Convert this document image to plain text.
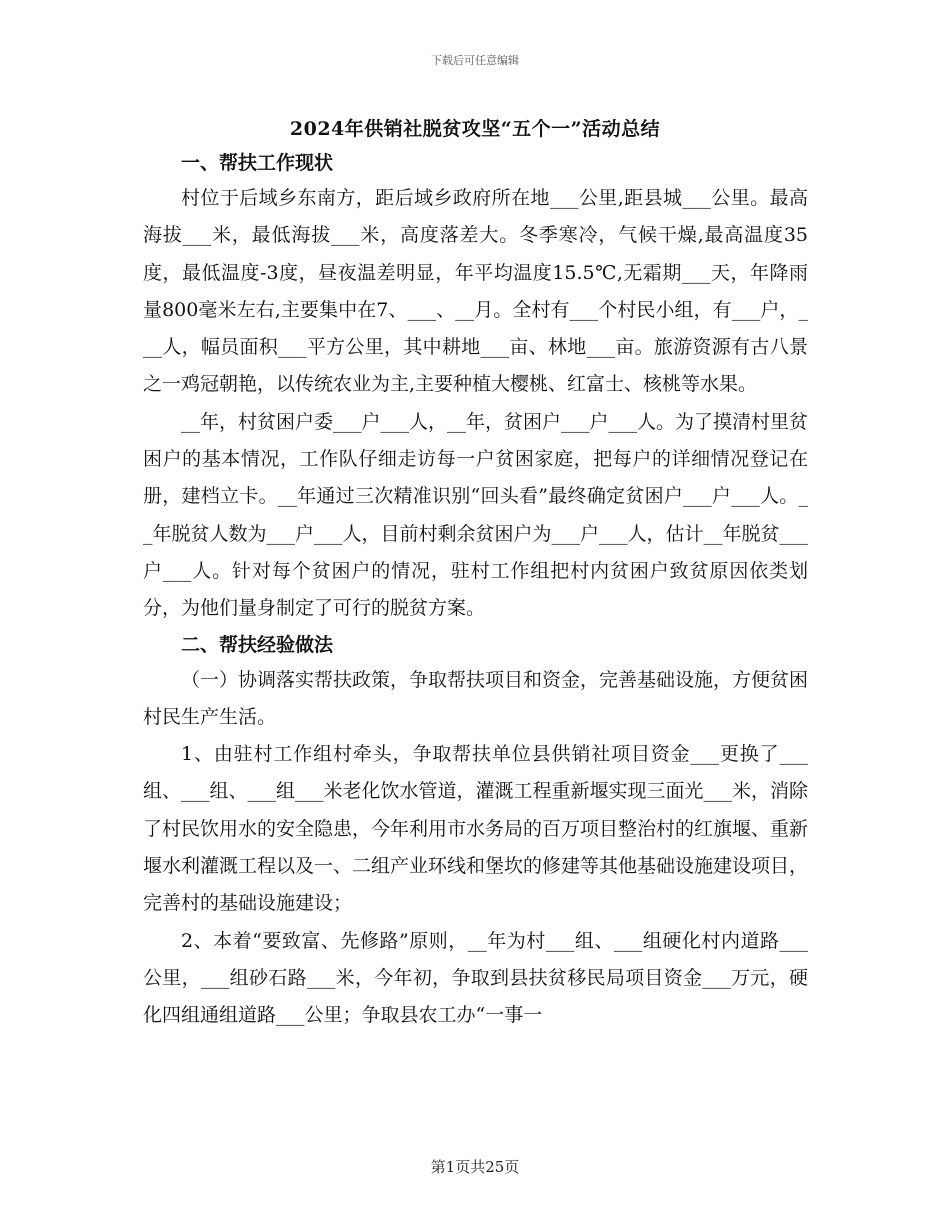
下载后可任意编辑
2024年供销社脱贫攻坚“五个一”活动总结

一、帮扶工作现状

村位于后域乡东南方，距后域乡政府所在地___公里,距县城___公里。最高海拔___米，最低海拔___米，高度落差大。冬季寒冷，气候干燥,最高温度35度，最低温度-3度，昼夜温差明显，年平均温度15.5℃,无霜期___天，年降雨量800毫米左右,主要集中在7、___、__月。全村有___个村民小组，有___户，___人，幅员面积___平方公里，其中耕地___亩、林地___亩。旅游资源有古八景之一鸡冠朝艳，以传统农业为主,主要种植大樱桃、红富士、核桃等水果。

__年，村贫困户委___户___人，__年，贫困户___户___人。为了摸清村里贫困户的基本情况，工作队仔细走访每一户贫困家庭，把每户的详细情况登记在册，建档立卡。__年通过三次精准识别“回头看”最终确定贫困户___户___人。__年脱贫人数为___户___人，目前村剩余贫困户为___户___人，估计__年脱贫___户___人。针对每个贫困户的情况，驻村工作组把村内贫困户致贫原因依类划分，为他们量身制定了可行的脱贫方案。

二、帮扶经验做法

（一）协调落实帮扶政策，争取帮扶项目和资金，完善基础设施，方便贫困村民生产生活。

1、由驻村工作组村牵头，争取帮扶单位县供销社项目资金___更换了___组、___组、___组___米老化饮水管道，灌溉工程重新堰实现三面光___米，消除了村民饮用水的安全隐患，今年利用市水务局的百万项目整治村的红旗堰、重新堰水利灌溉工程以及一、二组产业环线和堡坎的修建等其他基础设施建设项目，完善村的基础设施建设；

2、本着“要致富、先修路”原则，__年为村___组、___组硬化村内道路___公里，___组砂石路___米，今年初，争取到县扶贫移民局项目资金___万元，硬化四组通组道路___公里；争取县农工办“一事一

第1页共25页
